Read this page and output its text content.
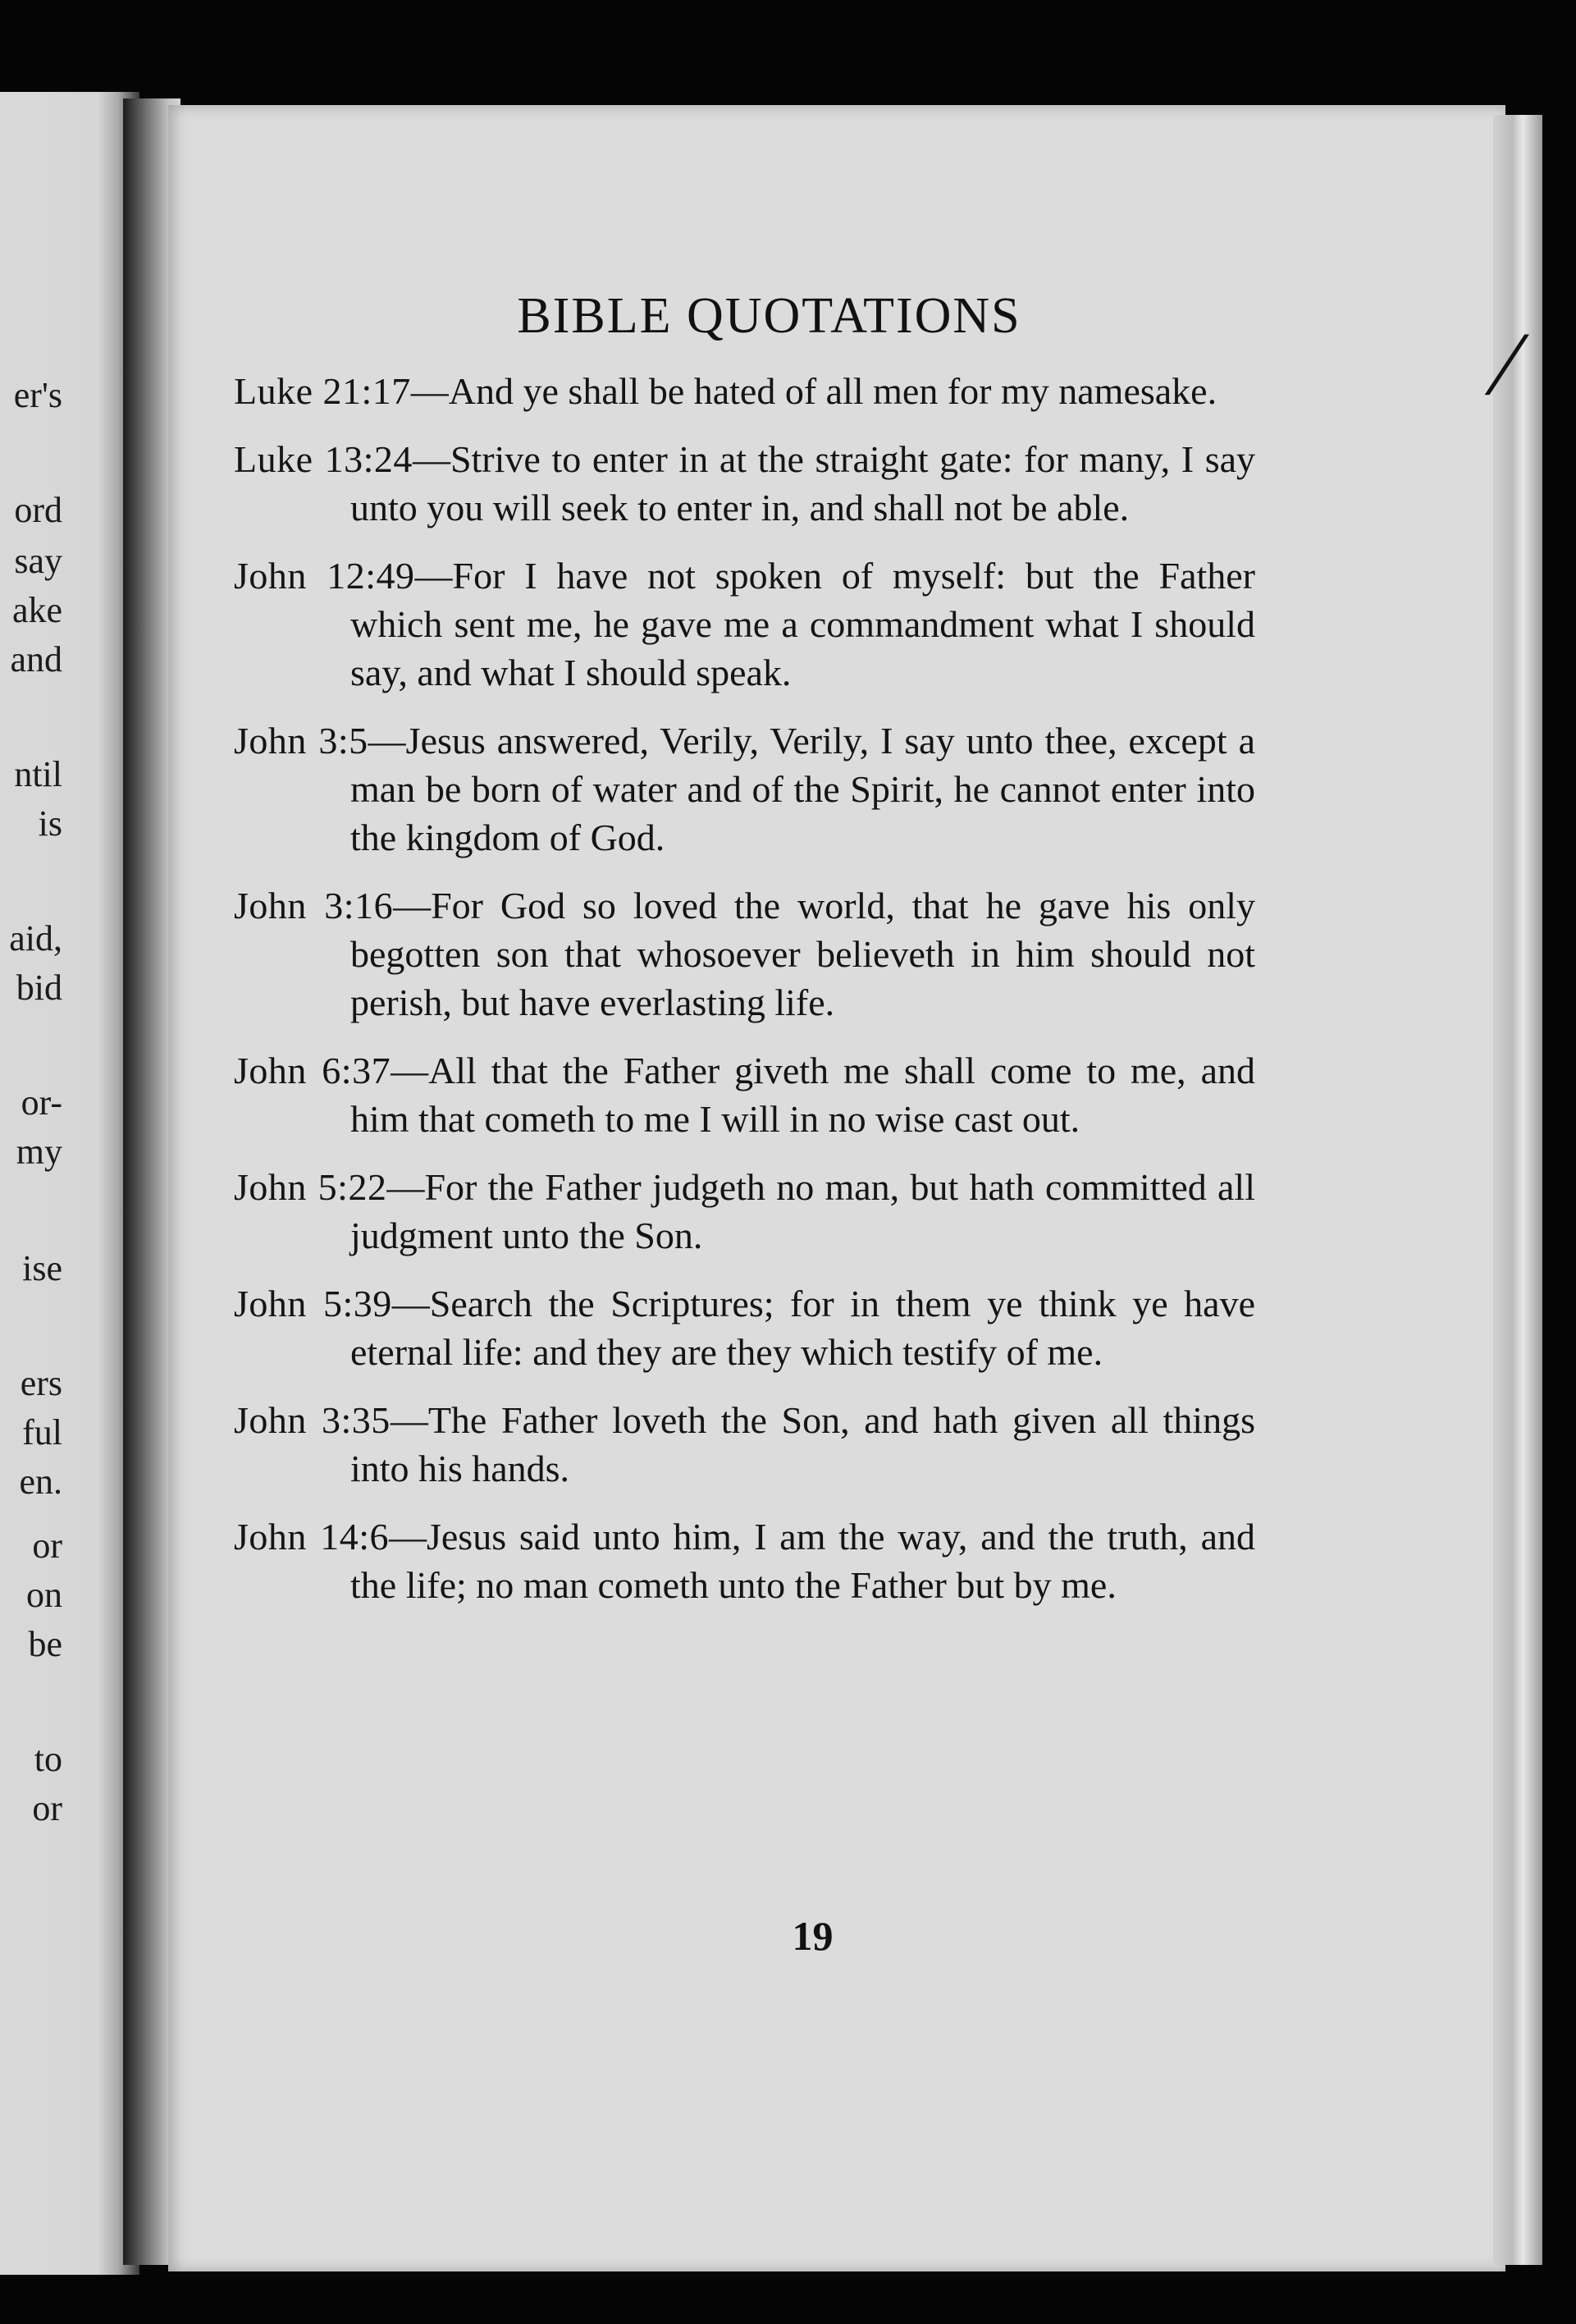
er's
ord
say
ake
and
ntil
is
aid,
bid
or-
my
ise
ers
ful
en.
or
on
be
to
or
/
BIBLE QUOTATIONS
Luke 21:17—And ye shall be hated of all men for my namesake.
Luke 13:24—Strive to enter in at the straight gate: for many, I say unto you will seek to enter in, and shall not be able.
John 12:49—For I have not spoken of myself: but the Father which sent me, he gave me a commandment what I should say, and what I should speak.
John 3:5—Jesus answered, Verily, Verily, I say unto thee, except a man be born of water and of the Spirit, he cannot enter into the kingdom of God.
John 3:16—For God so loved the world, that he gave his only begotten son that whosoever believeth in him should not perish, but have everlasting life.
John 6:37—All that the Father giveth me shall come to me, and him that cometh to me I will in no wise cast out.
John 5:22—For the Father judgeth no man, but hath committed all judgment unto the Son.
John 5:39—Search the Scriptures; for in them ye think ye have eternal life: and they are they which testify of me.
John 3:35—The Father loveth the Son, and hath given all things into his hands.
John 14:6—Jesus said unto him, I am the way, and the truth, and the life; no man cometh unto the Father but by me.
19
